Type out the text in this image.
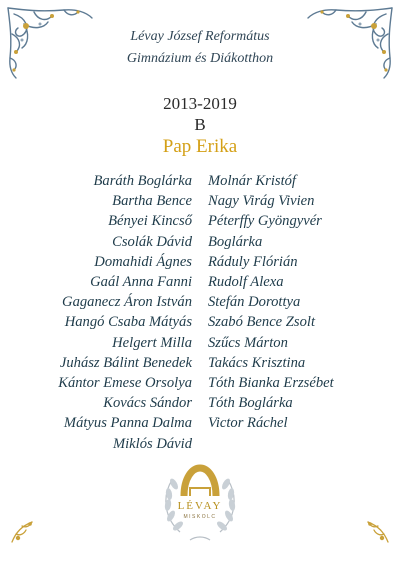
Lévay József Református
Gimnázium és Diákotthon
2013-2019
B
Pap Erika
Baráth Boglárka
Bartha Bence
Bényei Kincső
Csolák Dávid
Domahidi Ágnes
Gaál Anna Fanni
Gaganecz Áron István
Hangó Csaba Mátyás
Helgert Milla
Juhász Bálint Benedek
Kántor Emese Orsolya
Kovács Sándor
Mátyus Panna Dalma
Miklós Dávid
Molnár Kristóf
Nagy Virág Vivien
Péterffy Gyöngyvér
Boglárka
Ráduly Flórián
Rudolf Alexa
Stefán Dorottya
Szabó Bence Zsolt
Szűcs Márton
Takács Krisztina
Tóth Bianka Erzsébet
Tóth Boglárka
Victor Ráchel
LÉVAY
MISKOLC
